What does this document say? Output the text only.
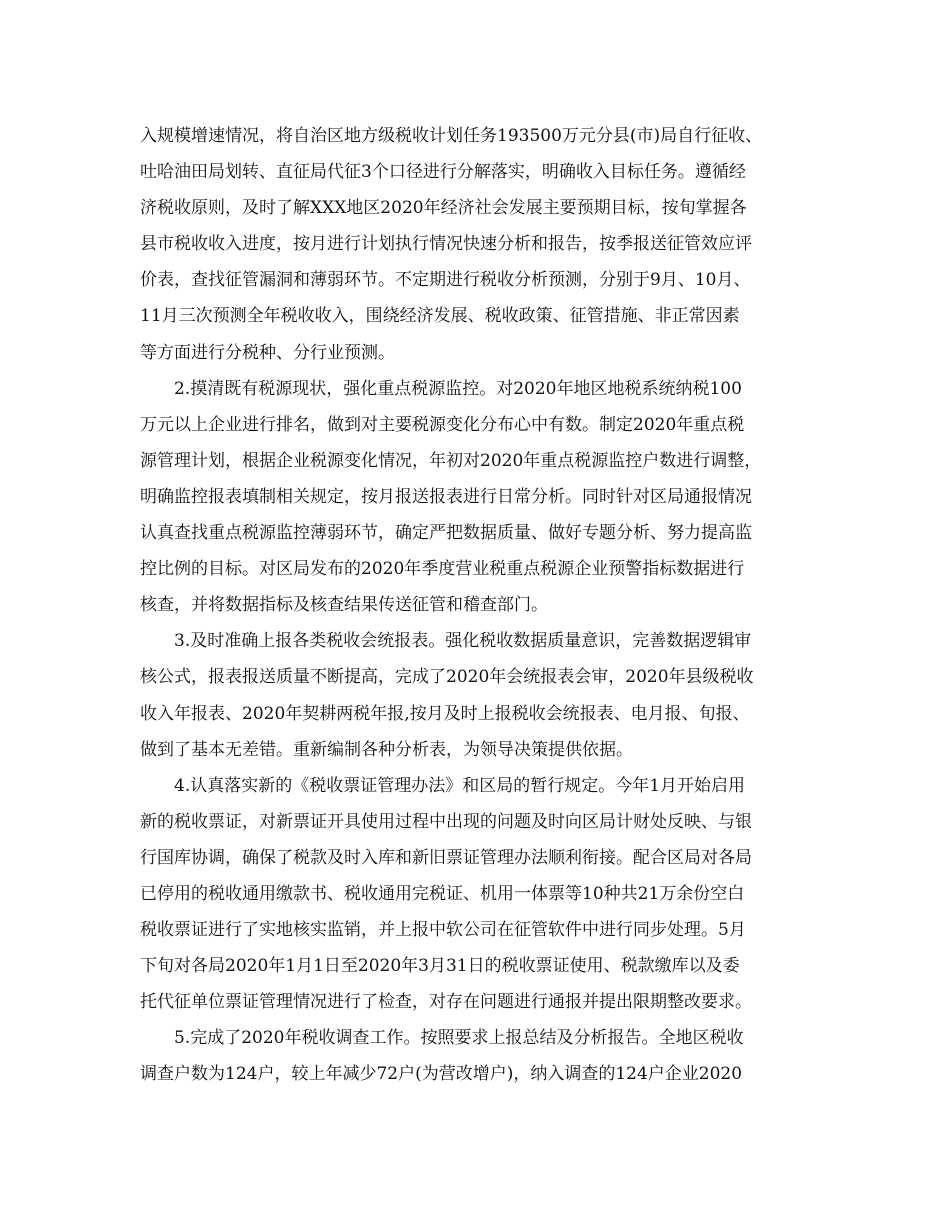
入规模增速情况，将自治区地方级税收计划任务193500万元分县(市)局自行征收、
吐哈油田局划转、直征局代征3个口径进行分解落实，明确收入目标任务。遵循经
济税收原则，及时了解XXX地区2020年经济社会发展主要预期目标，按旬掌握各
县市税收收入进度，按月进行计划执行情况快速分析和报告，按季报送征管效应评
价表，查找征管漏洞和薄弱环节。不定期进行税收分析预测，分别于9月、10月、
11月三次预测全年税收收入，围绕经济发展、税收政策、征管措施、非正常因素
等方面进行分税种、分行业预测。
2.摸清既有税源现状，强化重点税源监控。对2020年地区地税系统纳税100
万元以上企业进行排名，做到对主要税源变化分布心中有数。制定2020年重点税
源管理计划，根据企业税源变化情况，年初对2020年重点税源监控户数进行调整，
明确监控报表填制相关规定，按月报送报表进行日常分析。同时针对区局通报情况
认真查找重点税源监控薄弱环节，确定严把数据质量、做好专题分析、努力提高监
控比例的目标。对区局发布的2020年季度营业税重点税源企业预警指标数据进行
核查，并将数据指标及核查结果传送征管和稽查部门。
3.及时准确上报各类税收会统报表。强化税收数据质量意识，完善数据逻辑审
核公式，报表报送质量不断提高，完成了2020年会统报表会审，2020年县级税收
收入年报表、2020年契耕两税年报,按月及时上报税收会统报表、电月报、旬报、
做到了基本无差错。重新编制各种分析表，为领导决策提供依据。
4.认真落实新的《税收票证管理办法》和区局的暂行规定。今年1月开始启用
新的税收票证，对新票证开具使用过程中出现的问题及时向区局计财处反映、与银
行国库协调，确保了税款及时入库和新旧票证管理办法顺利衔接。配合区局对各局
已停用的税收通用缴款书、税收通用完税证、机用一体票等10种共21万余份空白
税收票证进行了实地核实监销，并上报中软公司在征管软件中进行同步处理。5月
下旬对各局2020年1月1日至2020年3月31日的税收票证使用、税款缴库以及委
托代征单位票证管理情况进行了检查，对存在问题进行通报并提出限期整改要求。
5.完成了2020年税收调查工作。按照要求上报总结及分析报告。全地区税收
调查户数为124户，较上年减少72户(为营改增户)，纳入调查的124户企业2020
